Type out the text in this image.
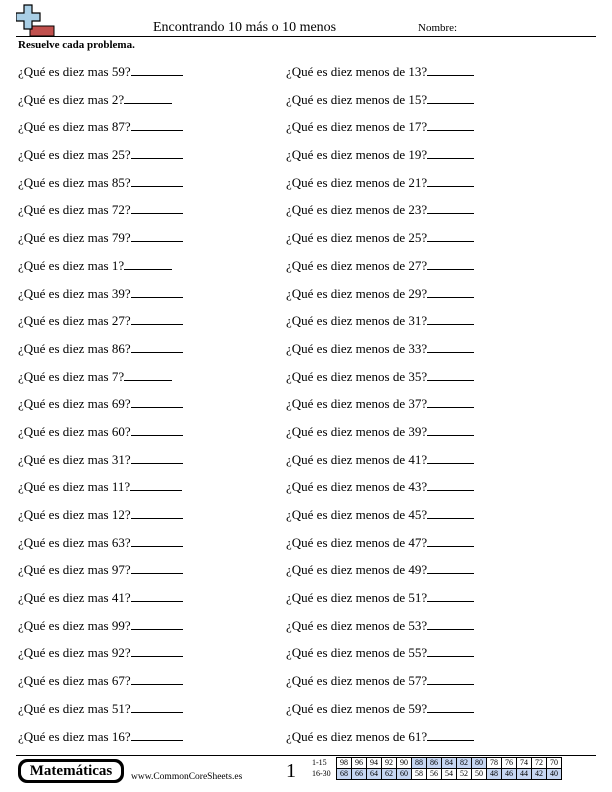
Encontrando 10 más o 10 menos	Nombre:
Resuelve cada problema.
¿Qué es diez mas 59?
¿Qué es diez mas 2?
¿Qué es diez mas 87?
¿Qué es diez mas 25?
¿Qué es diez mas 85?
¿Qué es diez mas 72?
¿Qué es diez mas 79?
¿Qué es diez mas 1?
¿Qué es diez mas 39?
¿Qué es diez mas 27?
¿Qué es diez mas 86?
¿Qué es diez mas 7?
¿Qué es diez mas 69?
¿Qué es diez mas 60?
¿Qué es diez mas 31?
¿Qué es diez mas 11?
¿Qué es diez mas 12?
¿Qué es diez mas 63?
¿Qué es diez mas 97?
¿Qué es diez mas 41?
¿Qué es diez mas 99?
¿Qué es diez mas 92?
¿Qué es diez mas 67?
¿Qué es diez mas 51?
¿Qué es diez mas 16?
¿Qué es diez menos de 13?
¿Qué es diez menos de 15?
¿Qué es diez menos de 17?
¿Qué es diez menos de 19?
¿Qué es diez menos de 21?
¿Qué es diez menos de 23?
¿Qué es diez menos de 25?
¿Qué es diez menos de 27?
¿Qué es diez menos de 29?
¿Qué es diez menos de 31?
¿Qué es diez menos de 33?
¿Qué es diez menos de 35?
¿Qué es diez menos de 37?
¿Qué es diez menos de 39?
¿Qué es diez menos de 41?
¿Qué es diez menos de 43?
¿Qué es diez menos de 45?
¿Qué es diez menos de 47?
¿Qué es diez menos de 49?
¿Qué es diez menos de 51?
¿Qué es diez menos de 53?
¿Qué es diez menos de 55?
¿Qué es diez menos de 57?
¿Qué es diez menos de 59?
¿Qué es diez menos de 61?
Matemáticas	www.CommonCoreSheets.es 1 1-15	98	96	94	92	90	88	86	84	82	80	78	76	74	72	70
16-30	68	66	64	62	60	58	56	54	52	50	48	46	44	42	40
